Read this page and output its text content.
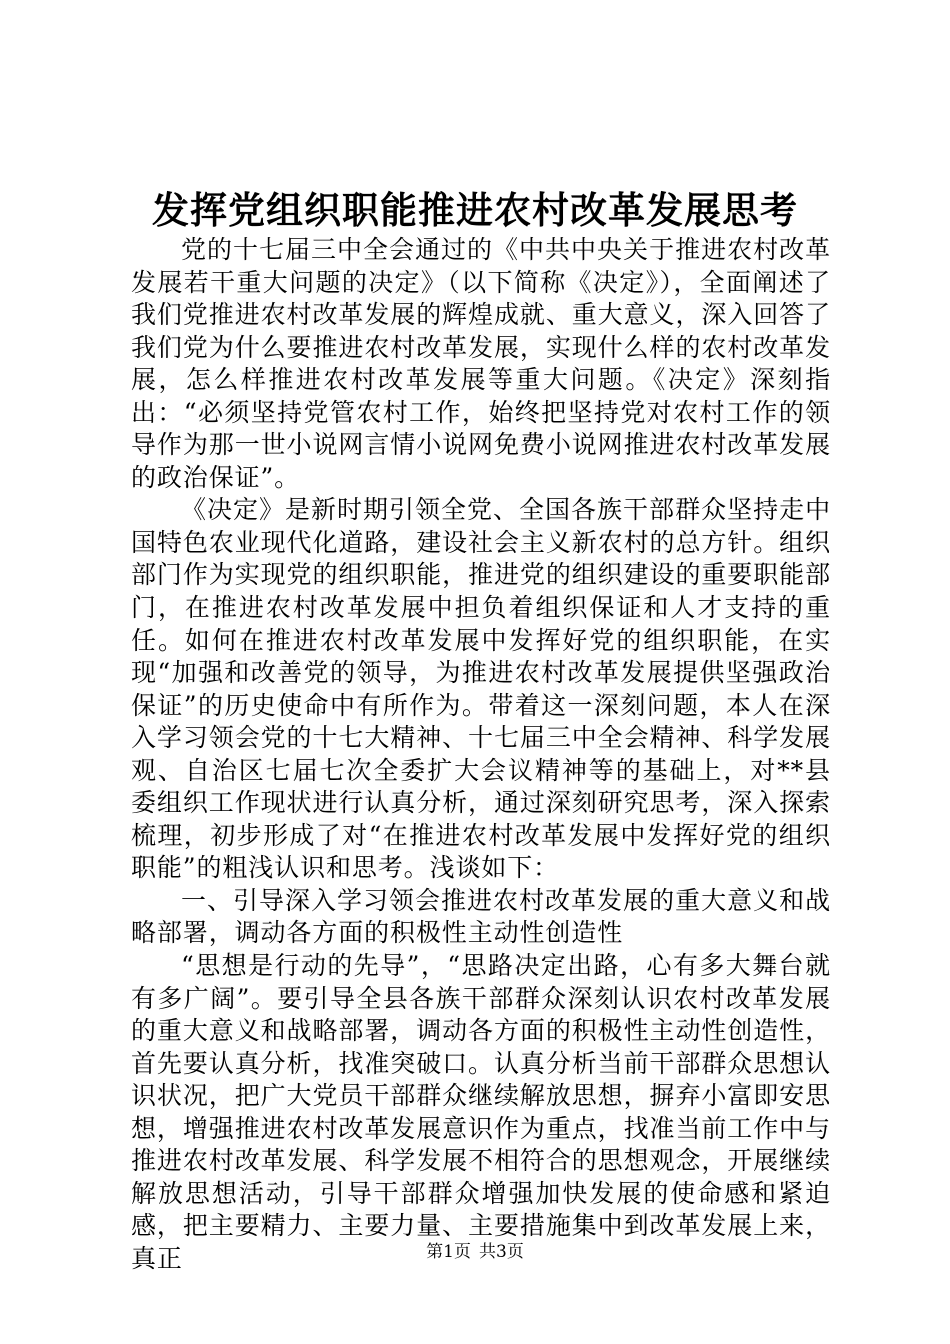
发挥党组织职能推进农村改革发展思考

党的十七届三中全会通过的《中共中央关于推进农村改革发展若干重大问题的决定》（以下简称《决定》），全面阐述了我们党推进农村改革发展的辉煌成就、重大意义，深入回答了我们党为什么要推进农村改革发展，实现什么样的农村改革发展，怎么样推进农村改革发展等重大问题。《决定》深刻指出：“必须坚持党管农村工作，始终把坚持党对农村工作的领导作为那一世小说网言情小说网免费小说网推进农村改革发展的政治保证”。

《决定》是新时期引领全党、全国各族干部群众坚持走中国特色农业现代化道路，建设社会主义新农村的总方针。组织部门作为实现党的组织职能，推进党的组织建设的重要职能部门，在推进农村改革发展中担负着组织保证和人才支持的重任。如何在推进农村改革发展中发挥好党的组织职能，在实现“加强和改善党的领导，为推进农村改革发展提供坚强政治保证”的历史使命中有所作为。带着这一深刻问题，本人在深入学习领会党的十七大精神、十七届三中全会精神、科学发展观、自治区七届七次全委扩大会议精神等的基础上，对**县委组织工作现状进行认真分析，通过深刻研究思考，深入探索梳理，初步形成了对“在推进农村改革发展中发挥好党的组织职能”的粗浅认识和思考。浅谈如下：

一、引导深入学习领会推进农村改革发展的重大意义和战略部署，调动各方面的积极性主动性创造性

“思想是行动的先导”，“思路决定出路，心有多大舞台就有多广阔”。要引导全县各族干部群众深刻认识农村改革发展的重大意义和战略部署，调动各方面的积极性主动性创造性，首先要认真分析，找准突破口。认真分析当前干部群众思想认识状况，把广大党员干部群众继续解放思想，摒弃小富即安思想，增强推进农村改革发展意识作为重点，找准当前工作中与推进农村改革发展、科学发展不相符合的思想观念，开展继续解放思想活动，引导干部群众增强加快发展的使命感和紧迫感，把主要精力、主要力量、主要措施集中到改革发展上来，真正	第1页 共3页
